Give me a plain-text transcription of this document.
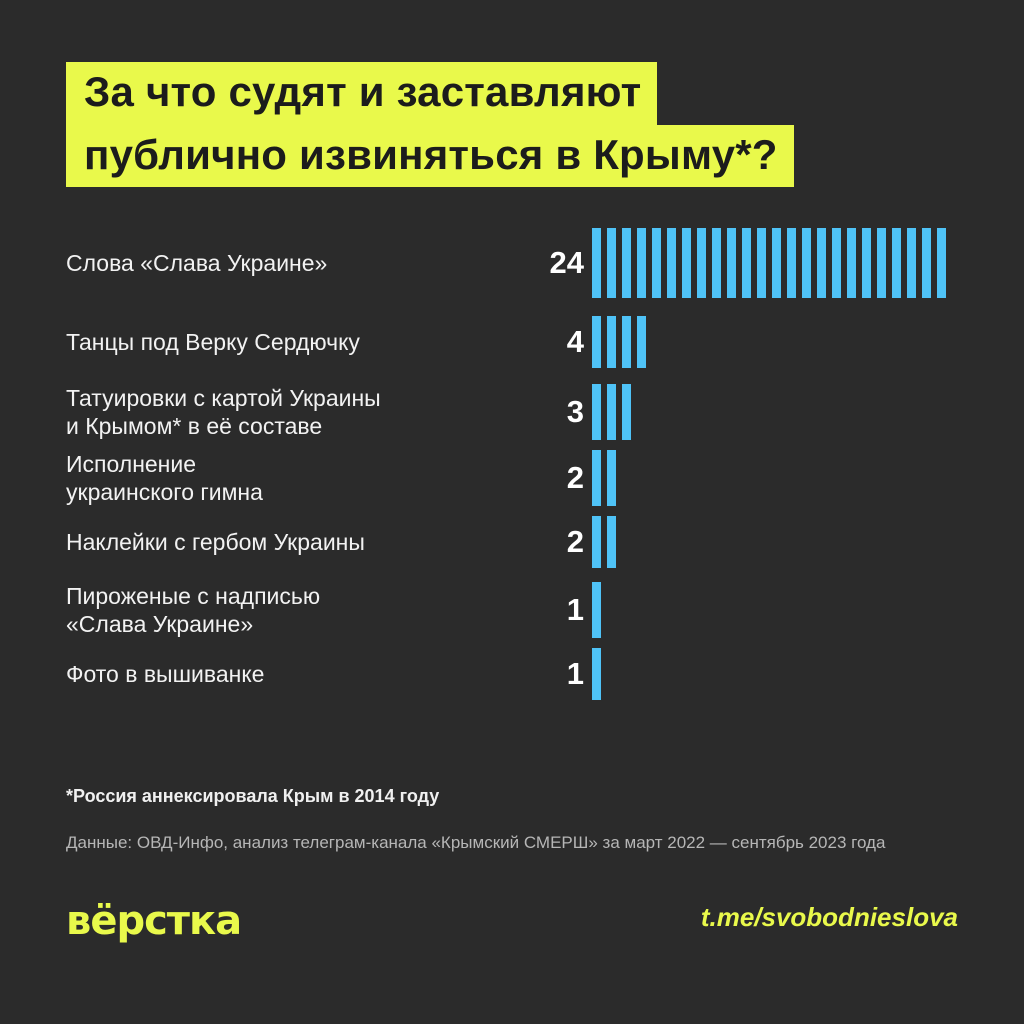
За что судят и заставляют
публично извиняться в Крыму*?
Слова «Слава Украине»	24
Танцы под Верку Сердючку	4
Татуировки с картой Украины
и Крымом* в её составе	3
Исполнение
украинского гимна	2
Наклейки с гербом Украины	2
Пироженые с надписью
«Слава Украине»	1
Фото в вышиванке	1
*Россия аннексировала Крым в 2014 году
Данные: ОВД-Инфо, анализ телеграм-канала «Крымский СМЕРШ» за март 2022 — сентябрь 2023 года
вёрстка	t.me/svobodnieslova
